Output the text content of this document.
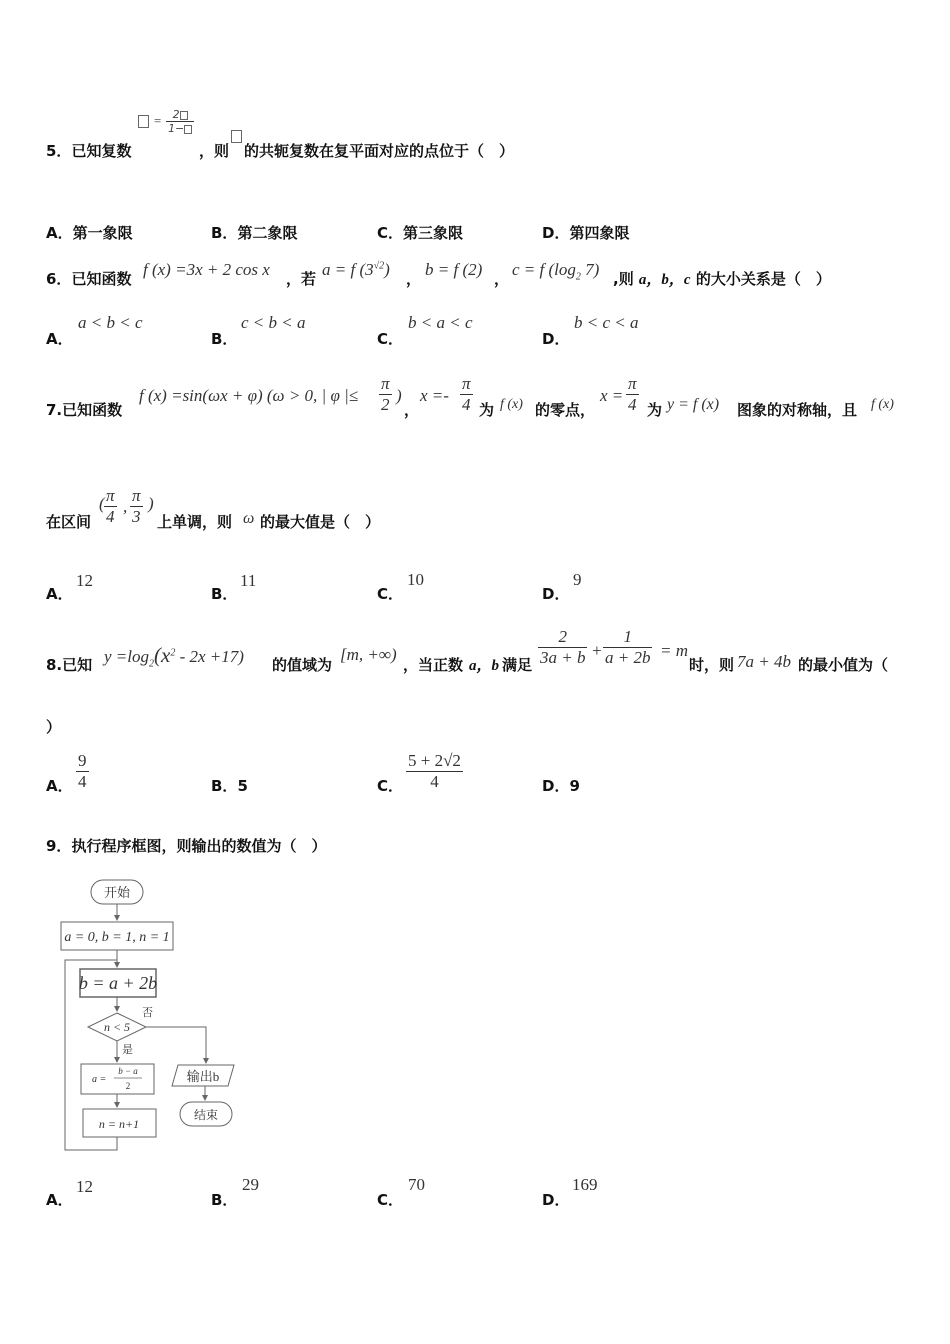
= $\frac{2}{1-}$
5．已知复数	，则 的共轭复数在复平面对应的点位于（　）
A．第一象限	B．第二象限	C．第三象限	D．第四象限
6．已知函数 f (x) =3x + 2 cos x ，若 a = f $(3^{√2})$ ， b = f (2) ， c = f ($\log_2$ 7) ,则 a，b，c 的大小关系是（　）
A．
a < b < c
B．
c < b < a
C．
b < a < c
D．
b < c < a
7.已知函数
f (x) =sin(ωx + φ) (ω > 0, | φ |≤ $\frac{\pi}{2}$ )
，
$x =- \frac{\pi}{4}$ 为 f (x) 的零点，
$x = \frac{\pi}{4}$ 为 y = f (x) 图象的对称轴，且 f (x)
在区间
( $\frac{\pi}{4}$ , $\frac{\pi}{3}$ )
上单调，则 ω 的最大值是（　）
A．
12
B．
11
C．
10
D．
9
8.已知 $y =\log_2(x^2 - 2x +17)$ 的值域为
[m, +∞)
，当正数 a，b 满足 $\frac{2}{3a + b} + \frac{1}{a + 2b} = m$
时，则 7a + 4b 的最小值为（
）
A． $\frac{9}{4}$	B．5	C． $\frac{5 + 2√2}{4}$	D．9
9．执行程序框图，则输出的数值为（　）
开始
a = 0, b = 1, n = 1
b = a + 2b
n < 5
否
是
a =
b − a
2
n = n+1
输出b
结束
A．
12
B．
29
C．
70
D．
169
